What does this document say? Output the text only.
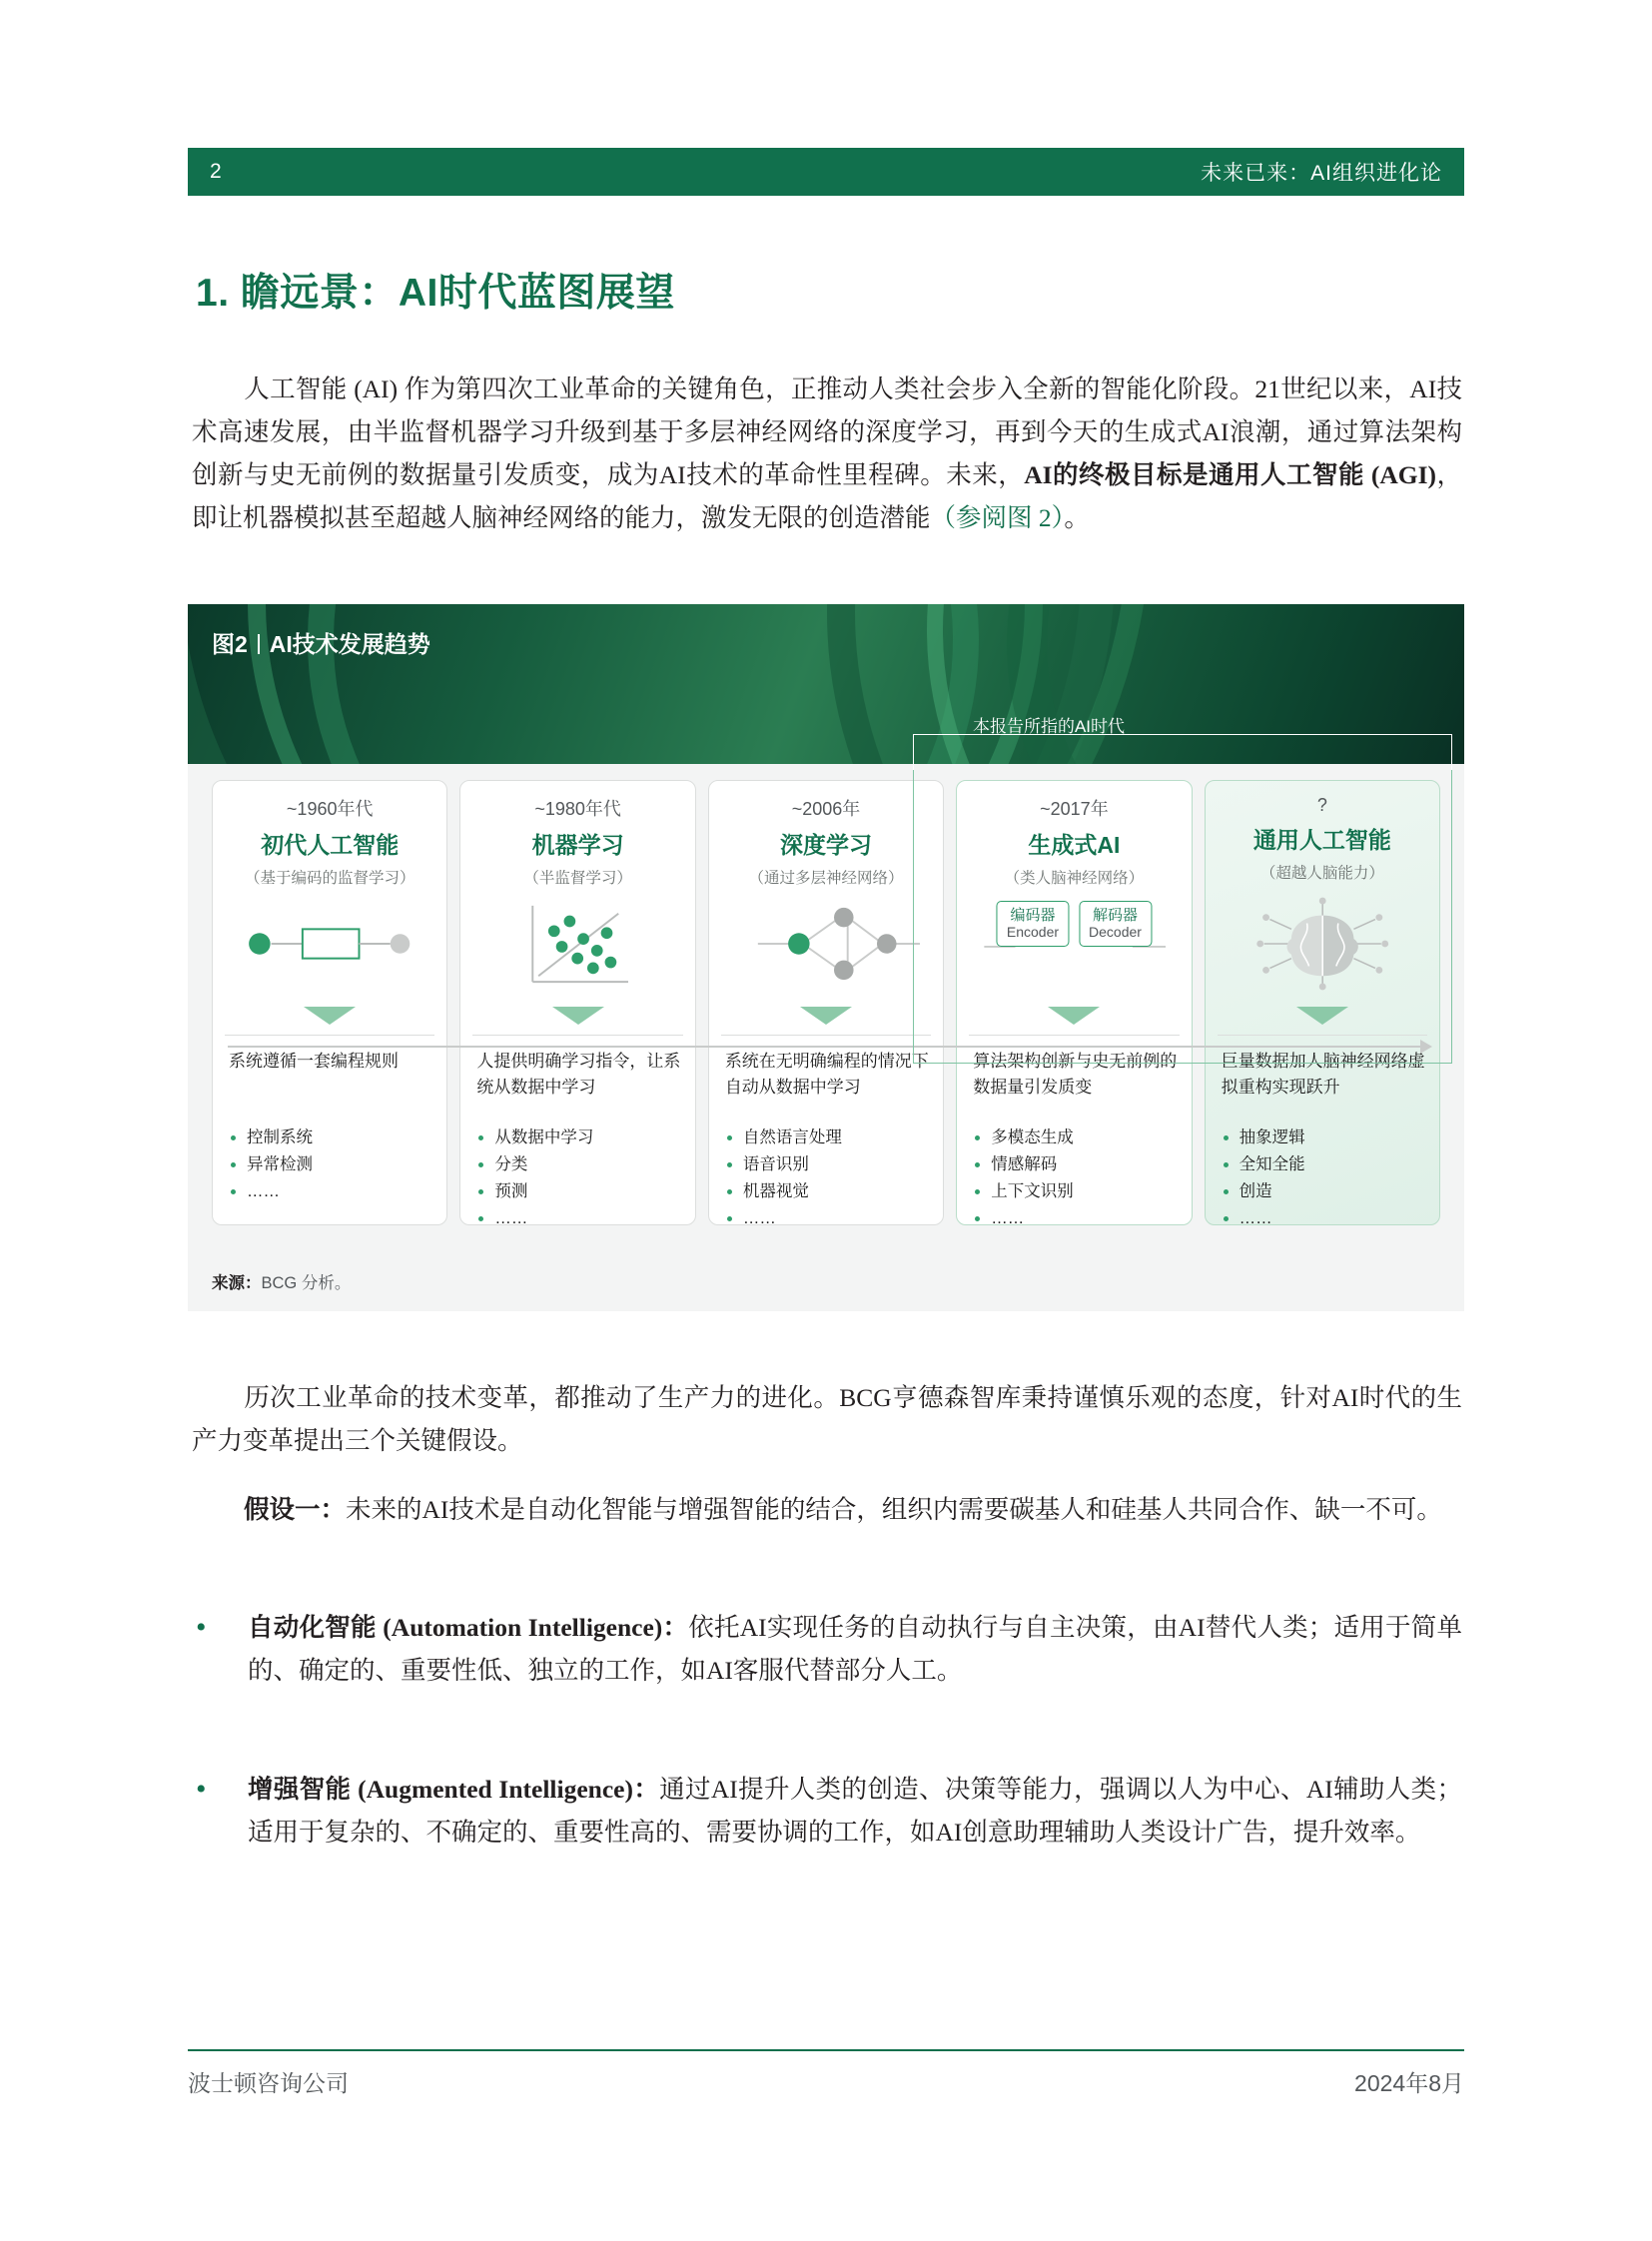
2	未来已来：AI组织进化论
1. 瞻远景：AI时代蓝图展望
人工智能 (AI) 作为第四次工业革命的关键角色，正推动人类社会步入全新的智能化阶段。21世纪以来，AI技术高速发展，由半监督机器学习升级到基于多层神经网络的深度学习，再到今天的生成式AI浪潮，通过算法架构创新与史无前例的数据量引发质变，成为AI技术的革命性里程碑。未来，AI的终极目标是通用人工智能 (AGI)，即让机器模拟甚至超越人脑神经网络的能力，激发无限的创造潜能（参阅图 2）。
图2 AI技术发展趋势
本报告所指的AI时代
~1960年代
初代人工智能
（基于编码的监督学习）
系统遵循一套编程规则
控制系统
异常检测
……
~1980年代
机器学习
（半监督学习）
人提供明确学习指令，让系统从数据中学习
从数据中学习
分类
预测
……
~2006年
深度学习
（通过多层神经网络）
系统在无明确编程的情况下自动从数据中学习
自然语言处理
语音识别
机器视觉
……
~2017年
生成式AI
（类人脑神经网络）
编码器
Encoder
解码器
Decoder
算法架构创新与史无前例的数据量引发质变
多模态生成
情感解码
上下文识别
……
?
通用人工智能
（超越人脑能力）
巨量数据加人脑神经网络虚拟重构实现跃升
抽象逻辑
全知全能
创造
……
来源：BCG 分析。
历次工业革命的技术变革，都推动了生产力的进化。BCG亨德森智库秉持谨慎乐观的态度，针对AI时代的生产力变革提出三个关键假设。
假设一：未来的AI技术是自动化智能与增强智能的结合，组织内需要碳基人和硅基人共同合作、缺一不可。
•	自动化智能 (Automation Intelligence)：依托AI实现任务的自动执行与自主决策，由AI替代人类；适用于简单的、确定的、重要性低、独立的工作，如AI客服代替部分人工。
•	增强智能 (Augmented Intelligence)：通过AI提升人类的创造、决策等能力，强调以人为中心、AI辅助人类；适用于复杂的、不确定的、重要性高的、需要协调的工作，如AI创意助理辅助人类设计广告，提升效率。
波士顿咨询公司	2024年8月
